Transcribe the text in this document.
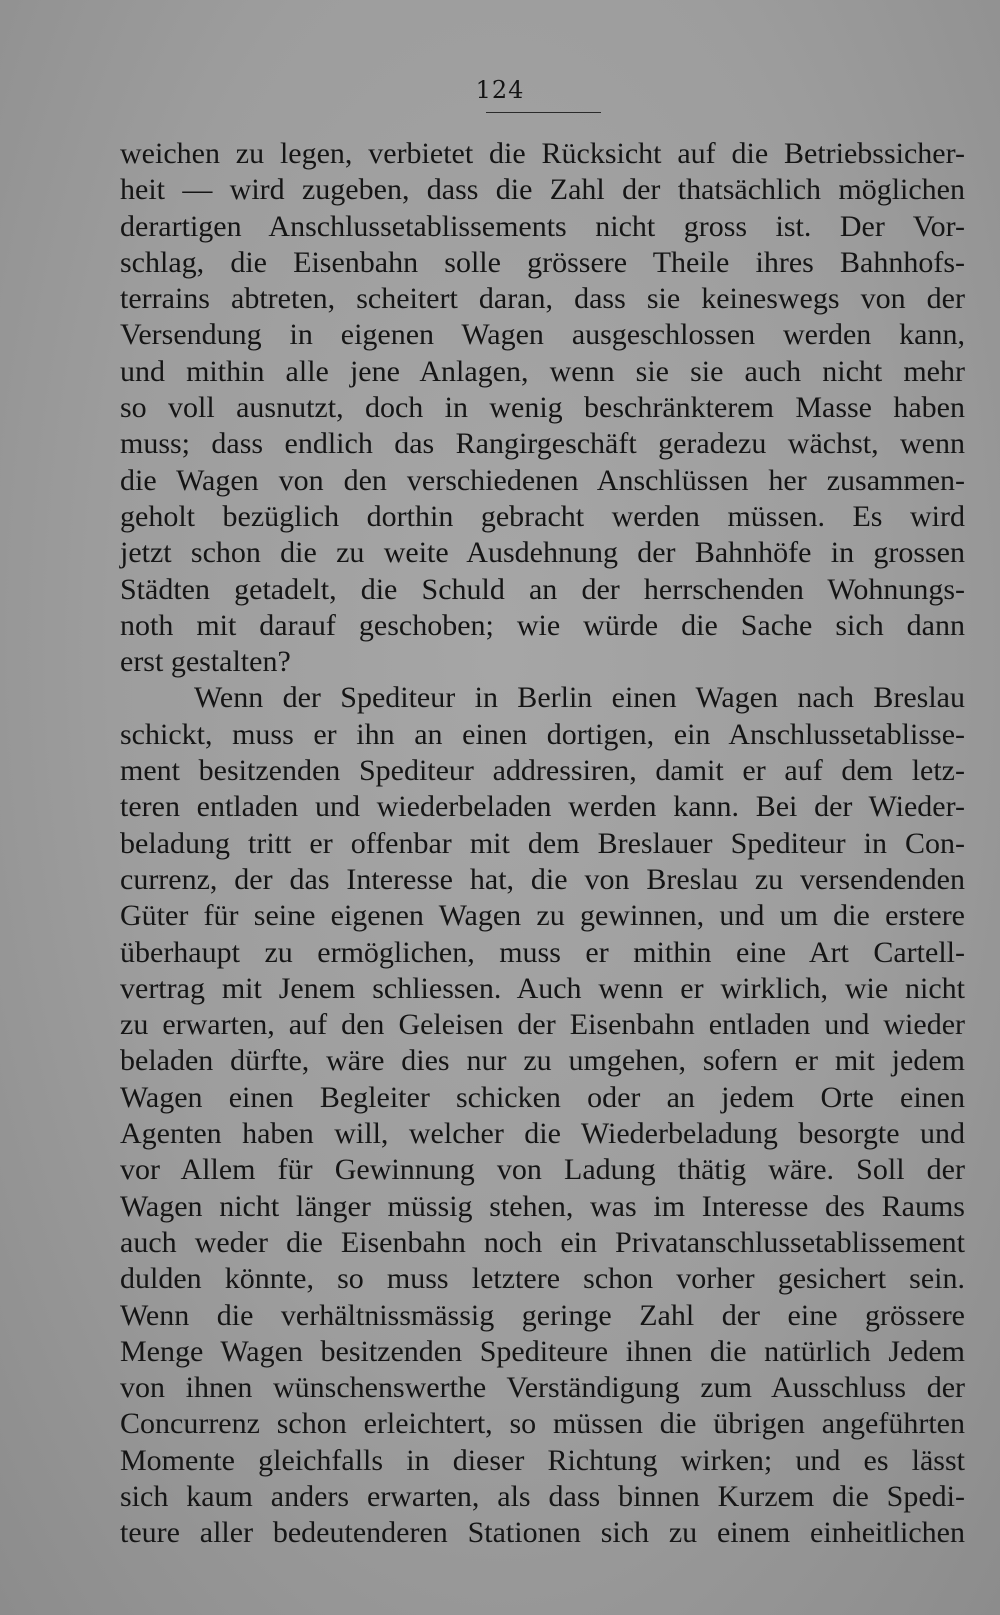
124
weichen zu legen, verbietet die Rücksicht auf die Betriebssicher-
heit — wird zugeben, dass die Zahl der thatsächlich möglichen
derartigen Anschlussetablissements nicht gross ist. Der Vor-
schlag, die Eisenbahn solle grössere Theile ihres Bahnhofs-
terrains abtreten, scheitert daran, dass sie keineswegs von der
Versendung in eigenen Wagen ausgeschlossen werden kann,
und mithin alle jene Anlagen, wenn sie sie auch nicht mehr
so voll ausnutzt, doch in wenig beschränkterem Masse haben
muss; dass endlich das Rangirgeschäft geradezu wächst, wenn
die Wagen von den verschiedenen Anschlüssen her zusammen-
geholt bezüglich dorthin gebracht werden müssen. Es wird
jetzt schon die zu weite Ausdehnung der Bahnhöfe in grossen
Städten getadelt, die Schuld an der herrschenden Wohnungs-
noth mit darauf geschoben; wie würde die Sache sich dann
erst gestalten?
Wenn der Spediteur in Berlin einen Wagen nach Breslau
schickt, muss er ihn an einen dortigen, ein Anschlussetablisse-
ment besitzenden Spediteur addressiren, damit er auf dem letz-
teren entladen und wiederbeladen werden kann. Bei der Wieder-
beladung tritt er offenbar mit dem Breslauer Spediteur in Con-
currenz, der das Interesse hat, die von Breslau zu versendenden
Güter für seine eigenen Wagen zu gewinnen, und um die erstere
überhaupt zu ermöglichen, muss er mithin eine Art Cartell-
vertrag mit Jenem schliessen. Auch wenn er wirklich, wie nicht
zu erwarten, auf den Geleisen der Eisenbahn entladen und wieder
beladen dürfte, wäre dies nur zu umgehen, sofern er mit jedem
Wagen einen Begleiter schicken oder an jedem Orte einen
Agenten haben will, welcher die Wiederbeladung besorgte und
vor Allem für Gewinnung von Ladung thätig wäre. Soll der
Wagen nicht länger müssig stehen, was im Interesse des Raums
auch weder die Eisenbahn noch ein Privatanschlussetablissement
dulden könnte, so muss letztere schon vorher gesichert sein.
Wenn die verhältnissmässig geringe Zahl der eine grössere
Menge Wagen besitzenden Spediteure ihnen die natürlich Jedem
von ihnen wünschenswerthe Verständigung zum Ausschluss der
Concurrenz schon erleichtert, so müssen die übrigen angeführten
Momente gleichfalls in dieser Richtung wirken; und es lässt
sich kaum anders erwarten, als dass binnen Kurzem die Spedi-
teure aller bedeutenderen Stationen sich zu einem einheitlichen
